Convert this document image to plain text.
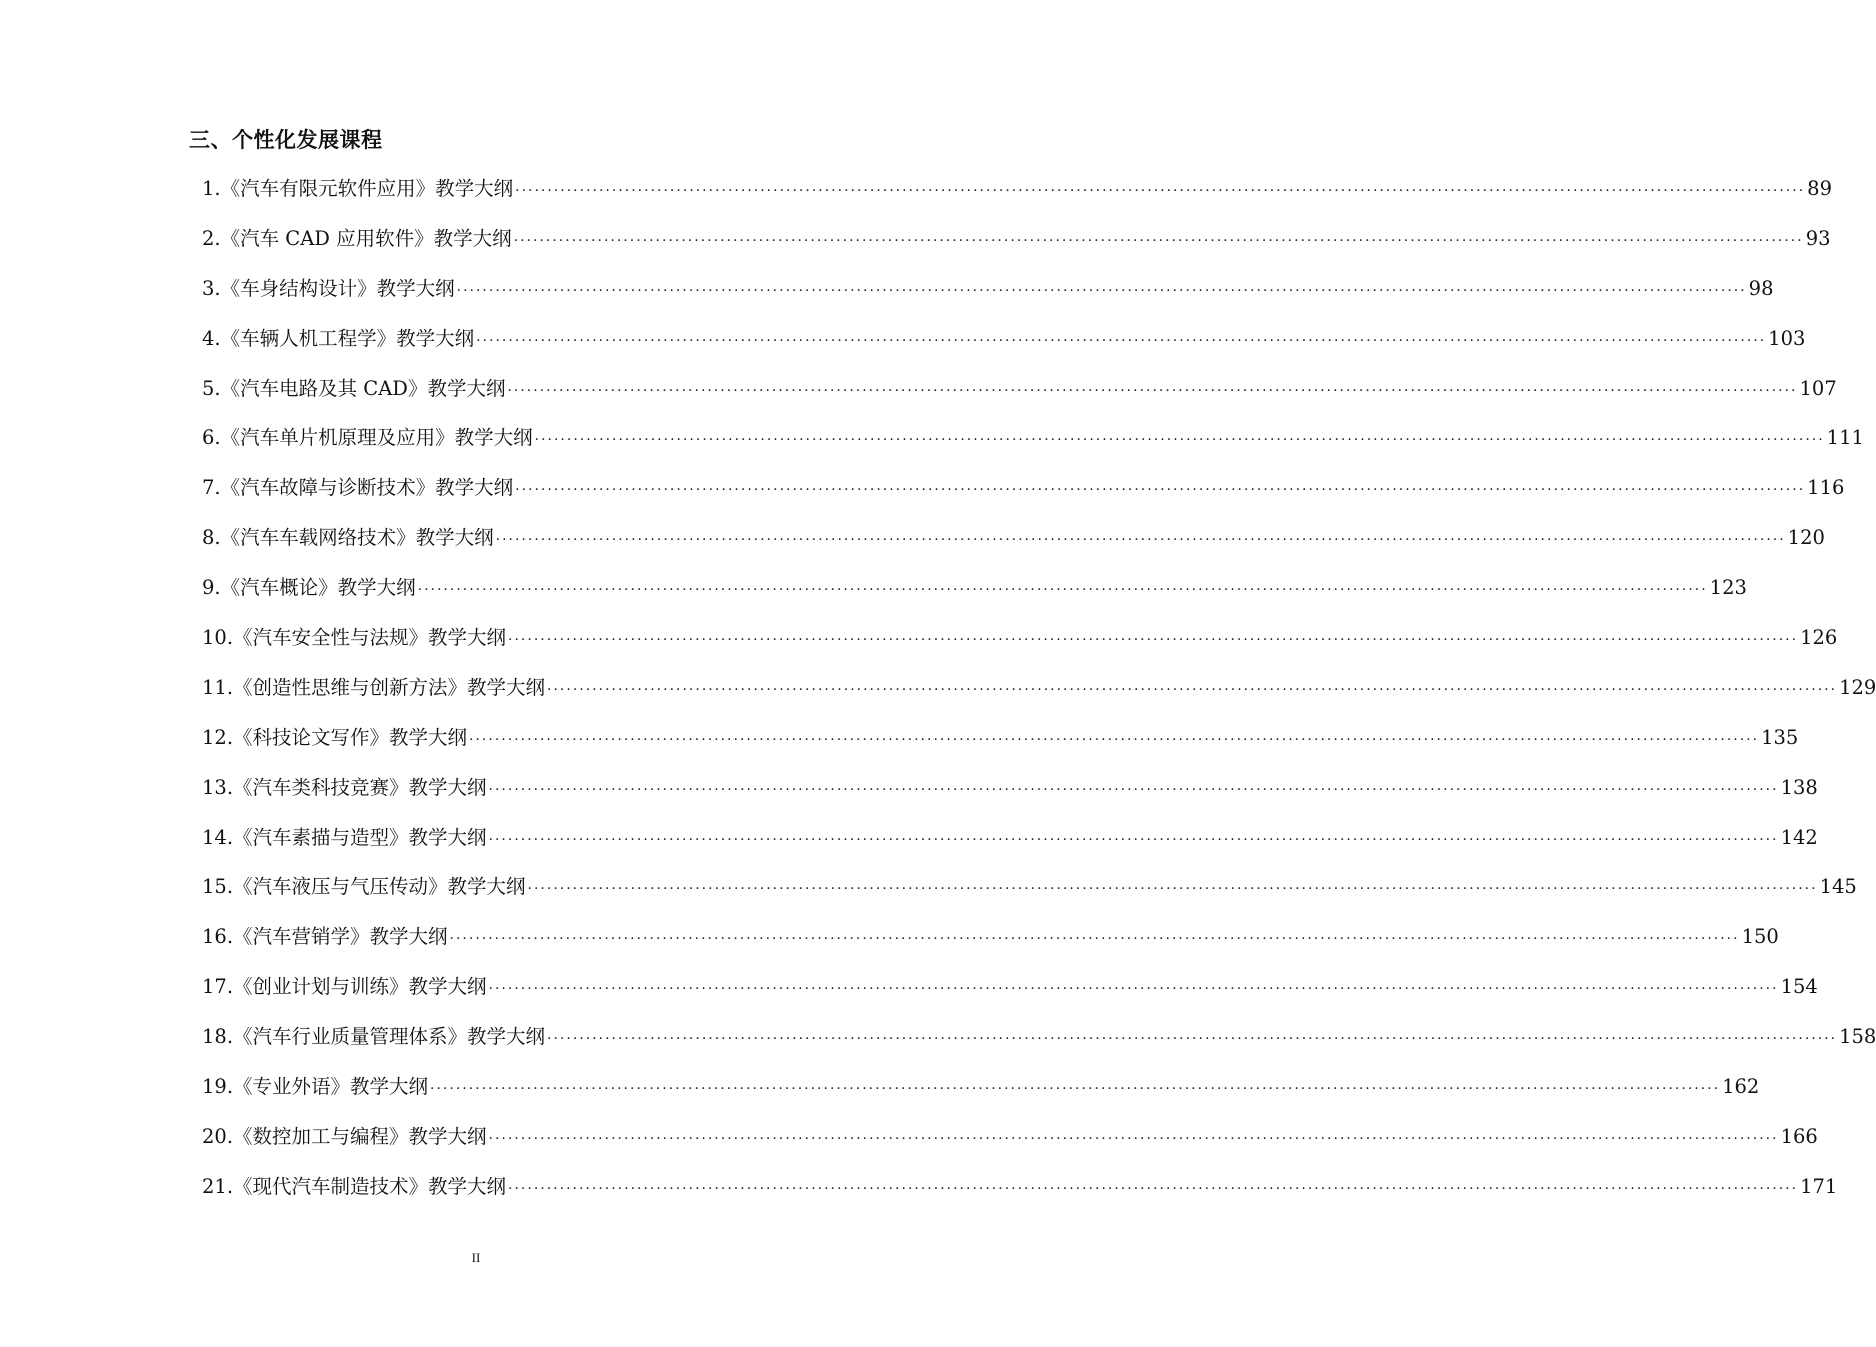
三、个性化发展课程
1. 《汽车有限元软件应用》教学大纲 ········································································································································································································ 89
2. 《汽车 CAD 应用软件》教学大纲 ········································································································································································································ 93
3. 《车身结构设计》教学大纲 ········································································································································································································ 98
4. 《车辆人机工程学》教学大纲 ········································································································································································································ 103
5. 《汽车电路及其 CAD》教学大纲 ········································································································································································································ 107
6. 《汽车单片机原理及应用》教学大纲 ········································································································································································································ 111
7. 《汽车故障与诊断技术》教学大纲 ········································································································································································································ 116
8. 《汽车车载网络技术》教学大纲 ········································································································································································································ 120
9. 《汽车概论》教学大纲 ········································································································································································································ 123
10. 《汽车安全性与法规》教学大纲 ········································································································································································································ 126
11. 《创造性思维与创新方法》教学大纲 ········································································································································································································ 129
12. 《科技论文写作》教学大纲 ········································································································································································································ 135
13. 《汽车类科技竞赛》教学大纲 ········································································································································································································ 138
14. 《汽车素描与造型》教学大纲 ········································································································································································································ 142
15. 《汽车液压与气压传动》教学大纲 ········································································································································································································ 145
16. 《汽车营销学》教学大纲 ········································································································································································································ 150
17. 《创业计划与训练》教学大纲 ········································································································································································································ 154
18. 《汽车行业质量管理体系》教学大纲 ········································································································································································································ 158
19. 《专业外语》教学大纲 ········································································································································································································ 162
20. 《数控加工与编程》教学大纲 ········································································································································································································ 166
21. 《现代汽车制造技术》教学大纲 ········································································································································································································ 171
II
